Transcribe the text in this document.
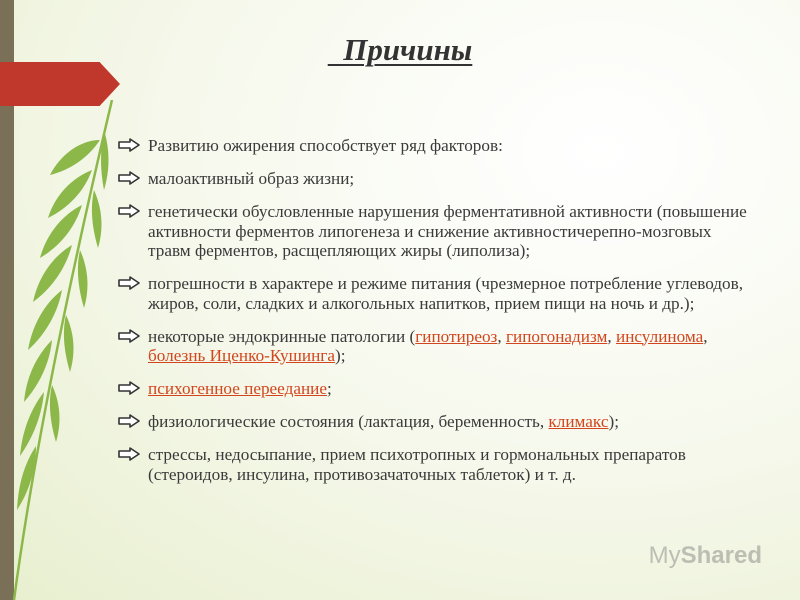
Причины
Развитию ожирения способствует ряд факторов:
малоактивный образ жизни;
генетически обусловленные нарушения ферментативной активности (повышение активности ферментов липогенеза и снижение активностичерепно-мозговых травм ферментов, расщепляющих жиры (липолиза);
погрешности в характере и режиме питания (чрезмерное потребление углеводов, жиров, соли, сладких и алкогольных напитков, прием пищи на ночь и др.);
некоторые эндокринные патологии (гипотиреоз, гипогонадизм, инсулинома, болезнь Иценко-Кушинга);
психогенное переедание;
физиологические состояния (лактация, беременность, климакс);
стрессы, недосыпание, прием психотропных и гормональных препаратов (стероидов, инсулина, противозачаточных таблеток) и т. д.
MyShared
